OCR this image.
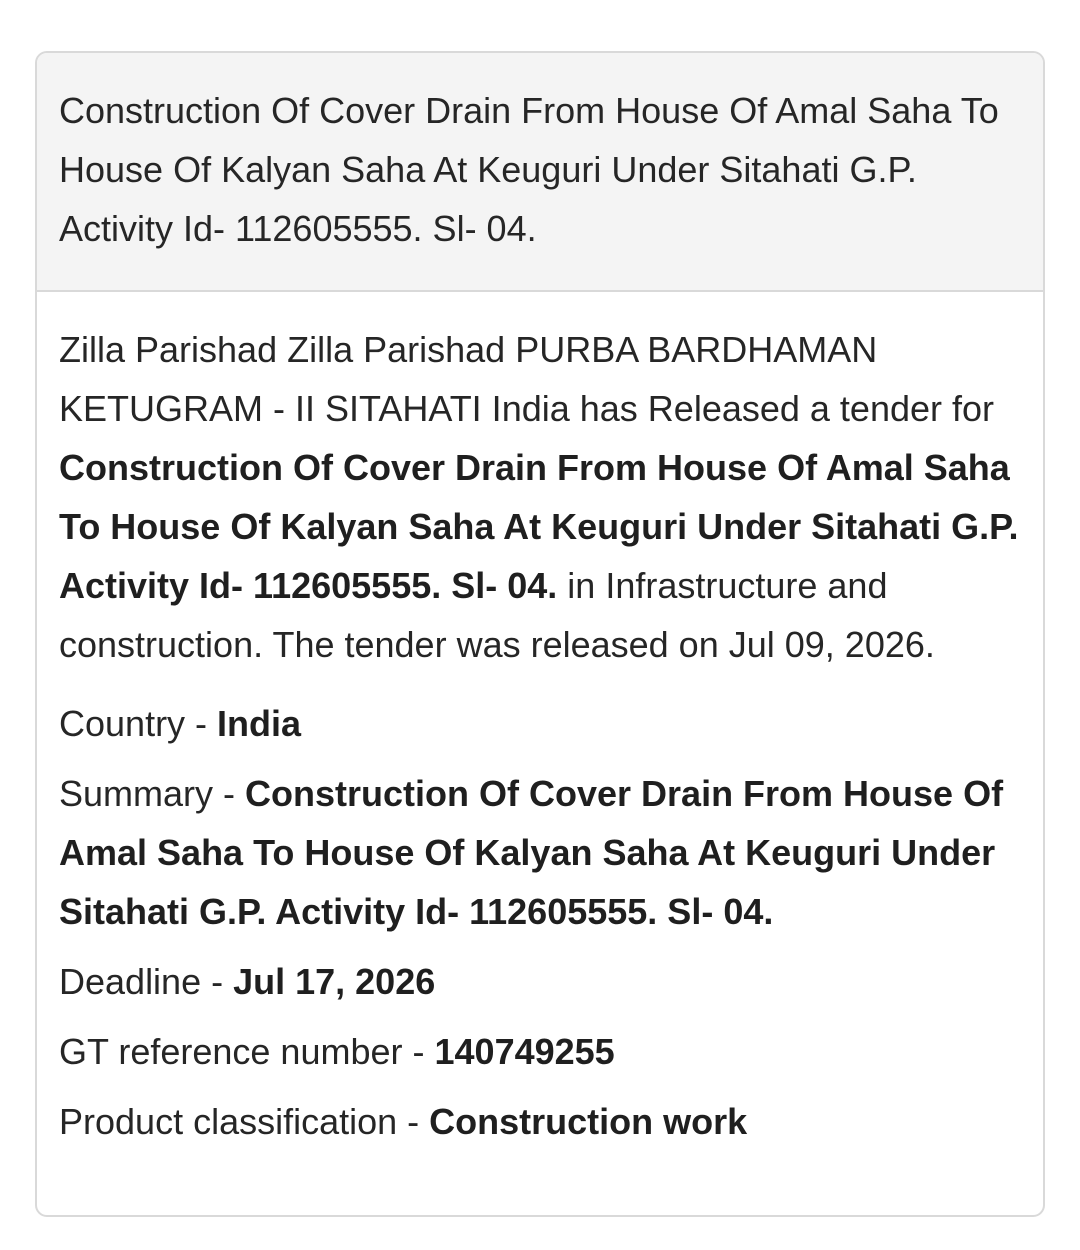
Construction Of Cover Drain From House Of Amal Saha To House Of Kalyan Saha At Keuguri Under Sitahati G.P. Activity Id- 112605555. Sl- 04.

Zilla Parishad Zilla Parishad PURBA BARDHAMAN KETUGRAM - II SITAHATI India has Released a tender for Construction Of Cover Drain From House Of Amal Saha To House Of Kalyan Saha At Keuguri Under Sitahati G.P. Activity Id- 112605555. Sl- 04. in Infrastructure and construction. The tender was released on Jul 09, 2026.

Country - India

Summary - Construction Of Cover Drain From House Of Amal Saha To House Of Kalyan Saha At Keuguri Under Sitahati G.P. Activity Id- 112605555. Sl- 04.

Deadline - Jul 17, 2026

GT reference number - 140749255

Product classification - Construction work
